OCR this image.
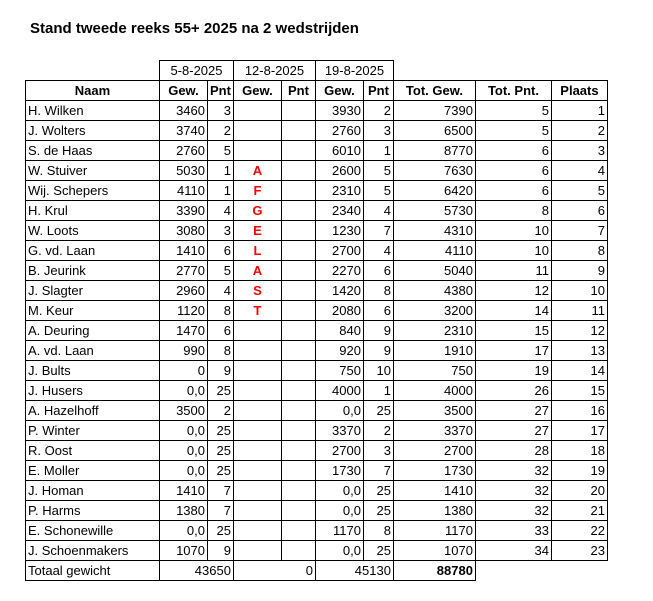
Stand tweede reeks 55+ 2025 na 2 wedstrijden
	5-8-2025		12-8-2025		19-8-2025				
Naam	Gew.	Pnt	Gew.	Pnt	Gew.	Pnt	Tot. Gew.	Tot. Pnt.	Plaats
H. Wilken	3460	3			3930	2	7390	5	1
J. Wolters	3740	2			2760	3	6500	5	2
S. de Haas	2760	5			6010	1	8770	6	3
W. Stuiver	5030	1	A		2600	5	7630	6	4
Wij. Schepers	4110	1	F		2310	5	6420	6	5
H. Krul	3390	4	G		2340	4	5730	8	6
W. Loots	3080	3	E		1230	7	4310	10	7
G. vd. Laan	1410	6	L		2700	4	4110	10	8
B. Jeurink	2770	5	A		2270	6	5040	11	9
J. Slagter	2960	4	S		1420	8	4380	12	10
M. Keur	1120	8	T		2080	6	3200	14	11
A. Deuring	1470	6			840	9	2310	15	12
A. vd. Laan	990	8			920	9	1910	17	13
J. Bults	0	9			750	10	750	19	14
J. Husers	0,0	25			4000	1	4000	26	15
A. Hazelhoff	3500	2			0,0	25	3500	27	16
P. Winter	0,0	25			3370	2	3370	27	17
R. Oost	0,0	25			2700	3	2700	28	18
E. Moller	0,0	25			1730	7	1730	32	19
J. Homan	1410	7			0,0	25	1410	32	20
P. Harms	1380	7			0,0	25	1380	32	21
E. Schonewille	0,0	25			1170	8	1170	33	22
J. Schoenmakers	1070	9			0,0	25	1070	34	23
Totaal gewicht	43650		0		45130		88780		
